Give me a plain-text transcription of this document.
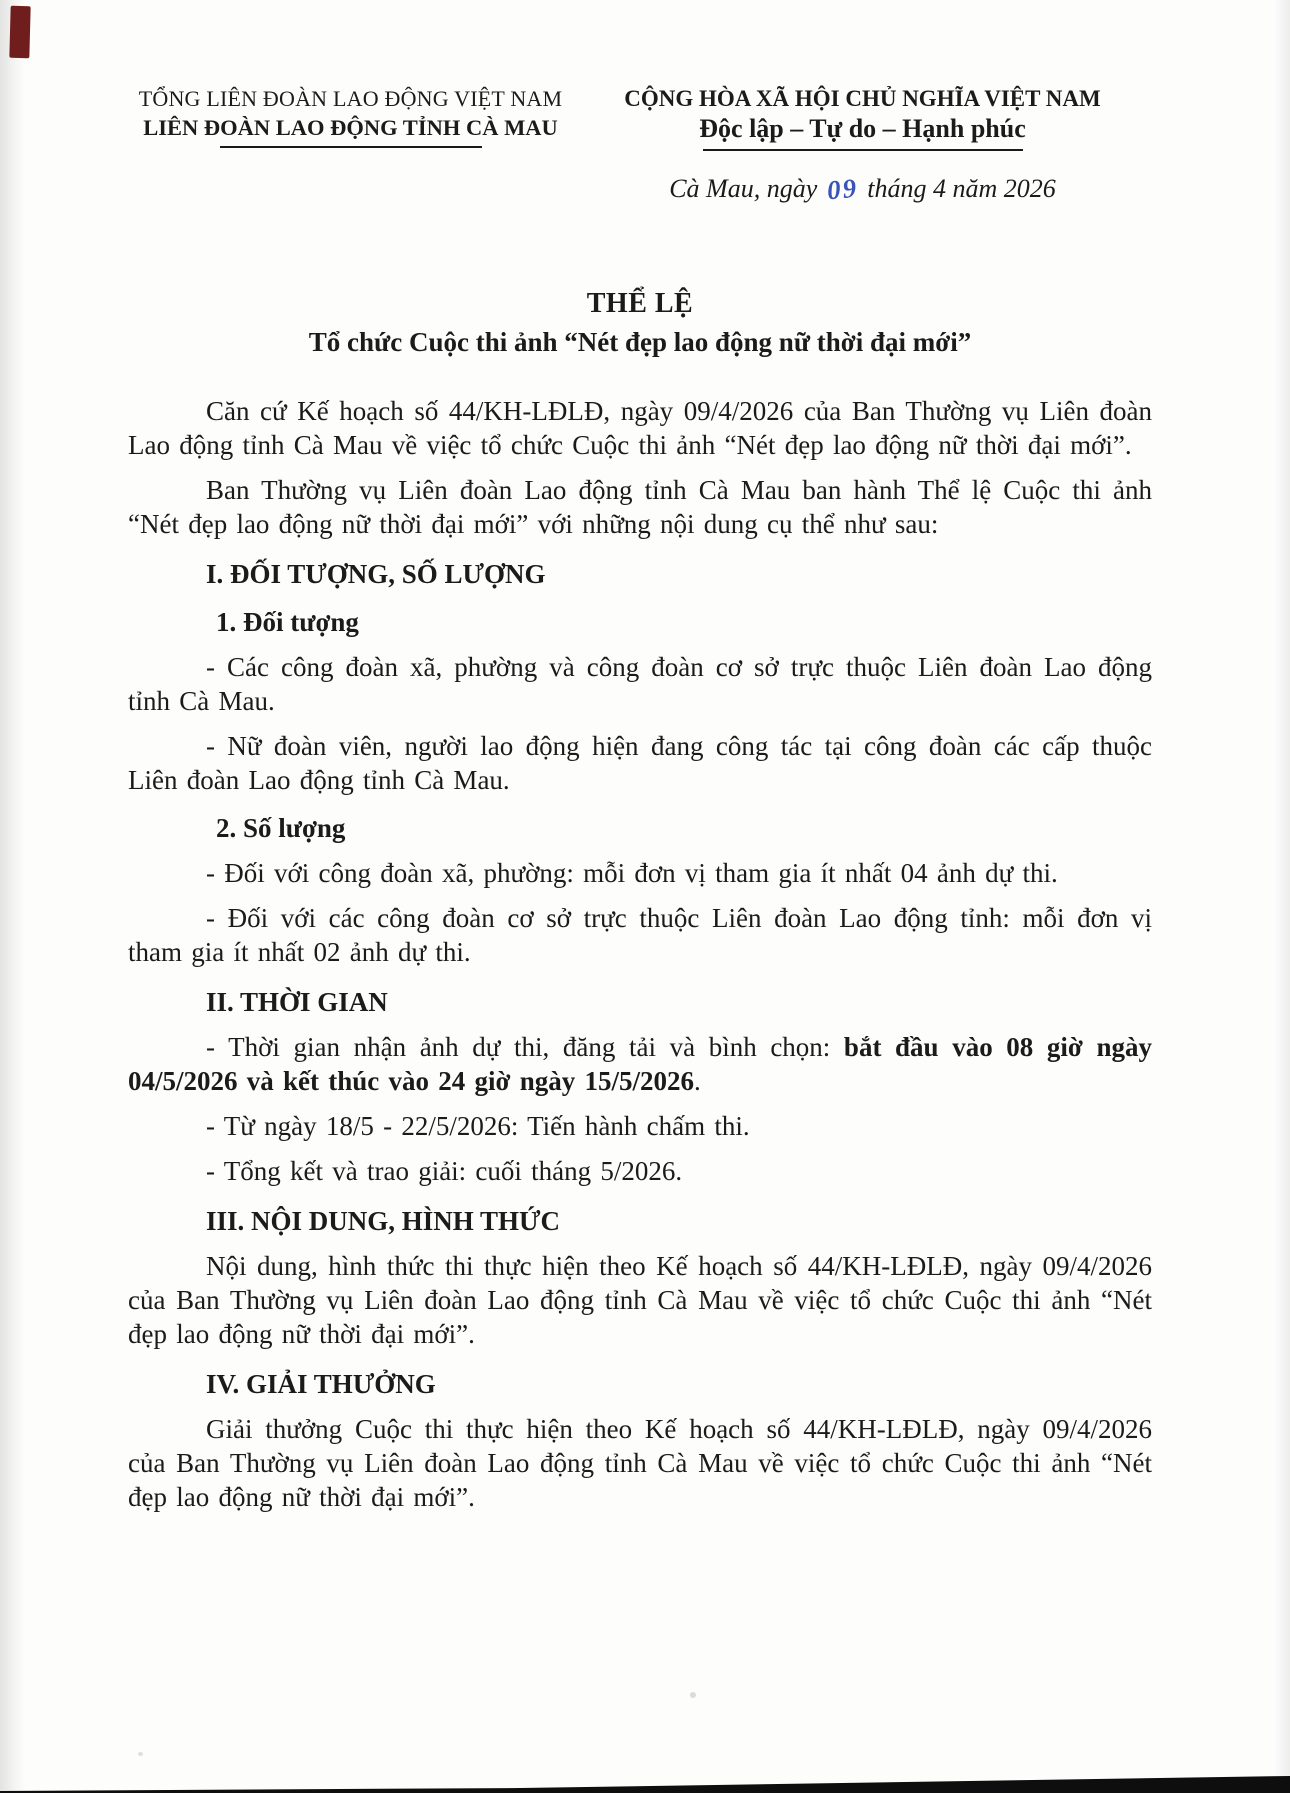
TỔNG LIÊN ĐOÀN LAO ĐỘNG VIỆT NAM
LIÊN ĐOÀN LAO ĐỘNG TỈNH CÀ MAU
CỘNG HÒA XÃ HỘI CHỦ NGHĨA VIỆT NAM
Độc lập – Tự do – Hạnh phúc
Cà Mau, ngày 09 tháng 4 năm 2026
THỂ LỆ
Tổ chức Cuộc thi ảnh “Nét đẹp lao động nữ thời đại mới”

Căn cứ Kế hoạch số 44/KH-LĐLĐ, ngày 09/4/2026 của Ban Thường vụ Liên đoàn Lao động tỉnh Cà Mau về việc tổ chức Cuộc thi ảnh “Nét đẹp lao động nữ thời đại mới”.

Ban Thường vụ Liên đoàn Lao động tỉnh Cà Mau ban hành Thể lệ Cuộc thi ảnh “Nét đẹp lao động nữ thời đại mới” với những nội dung cụ thể như sau:

I. ĐỐI TƯỢNG, SỐ LƯỢNG
1. Đối tượng

- Các công đoàn xã, phường và công đoàn cơ sở trực thuộc Liên đoàn Lao động tỉnh Cà Mau.

- Nữ đoàn viên, người lao động hiện đang công tác tại công đoàn các cấp thuộc Liên đoàn Lao động tỉnh Cà Mau.

2. Số lượng

- Đối với công đoàn xã, phường: mỗi đơn vị tham gia ít nhất 04 ảnh dự thi.

- Đối với các công đoàn cơ sở trực thuộc Liên đoàn Lao động tỉnh: mỗi đơn vị tham gia ít nhất 02 ảnh dự thi.

II. THỜI GIAN

- Thời gian nhận ảnh dự thi, đăng tải và bình chọn: bắt đầu vào 08 giờ ngày 04/5/2026 và kết thúc vào 24 giờ ngày 15/5/2026.

- Từ ngày 18/5 - 22/5/2026: Tiến hành chấm thi.

- Tổng kết và trao giải: cuối tháng 5/2026.

III. NỘI DUNG, HÌNH THỨC

Nội dung, hình thức thi thực hiện theo Kế hoạch số 44/KH-LĐLĐ, ngày 09/4/2026 của Ban Thường vụ Liên đoàn Lao động tỉnh Cà Mau về việc tổ chức Cuộc thi ảnh “Nét đẹp lao động nữ thời đại mới”.

IV. GIẢI THƯỞNG

Giải thưởng Cuộc thi thực hiện theo Kế hoạch số 44/KH-LĐLĐ, ngày 09/4/2026 của Ban Thường vụ Liên đoàn Lao động tỉnh Cà Mau về việc tổ chức Cuộc thi ảnh “Nét đẹp lao động nữ thời đại mới”.
